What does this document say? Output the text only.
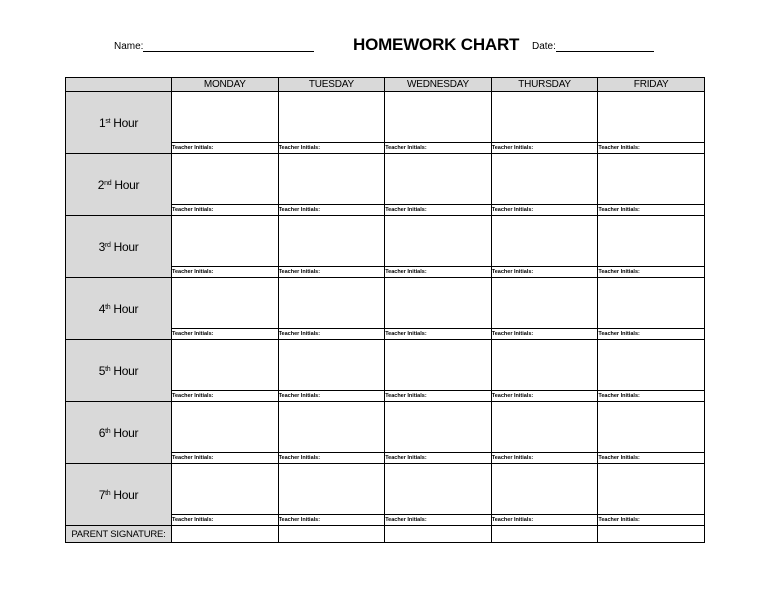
Name:	HOMEWORK CHART Date:
	MONDAY	TUESDAY	WEDNESDAY	THURSDAY	FRIDAY
1st Hour					
	Teacher Initials:	Teacher Initials:	Teacher Initials:	Teacher Initials:	Teacher Initials:
2nd Hour					
	Teacher Initials:	Teacher Initials:	Teacher Initials:	Teacher Initials:	Teacher Initials:
3rd Hour					
	Teacher Initials:	Teacher Initials:	Teacher Initials:	Teacher Initials:	Teacher Initials:
4th Hour					
	Teacher Initials:	Teacher Initials:	Teacher Initials:	Teacher Initials:	Teacher Initials:
5th Hour					
	Teacher Initials:	Teacher Initials:	Teacher Initials:	Teacher Initials:	Teacher Initials:
6th Hour					
	Teacher Initials:	Teacher Initials:	Teacher Initials:	Teacher Initials:	Teacher Initials:
7th Hour					
	Teacher Initials:	Teacher Initials:	Teacher Initials:	Teacher Initials:	Teacher Initials:
PARENT SIGNATURE:					
